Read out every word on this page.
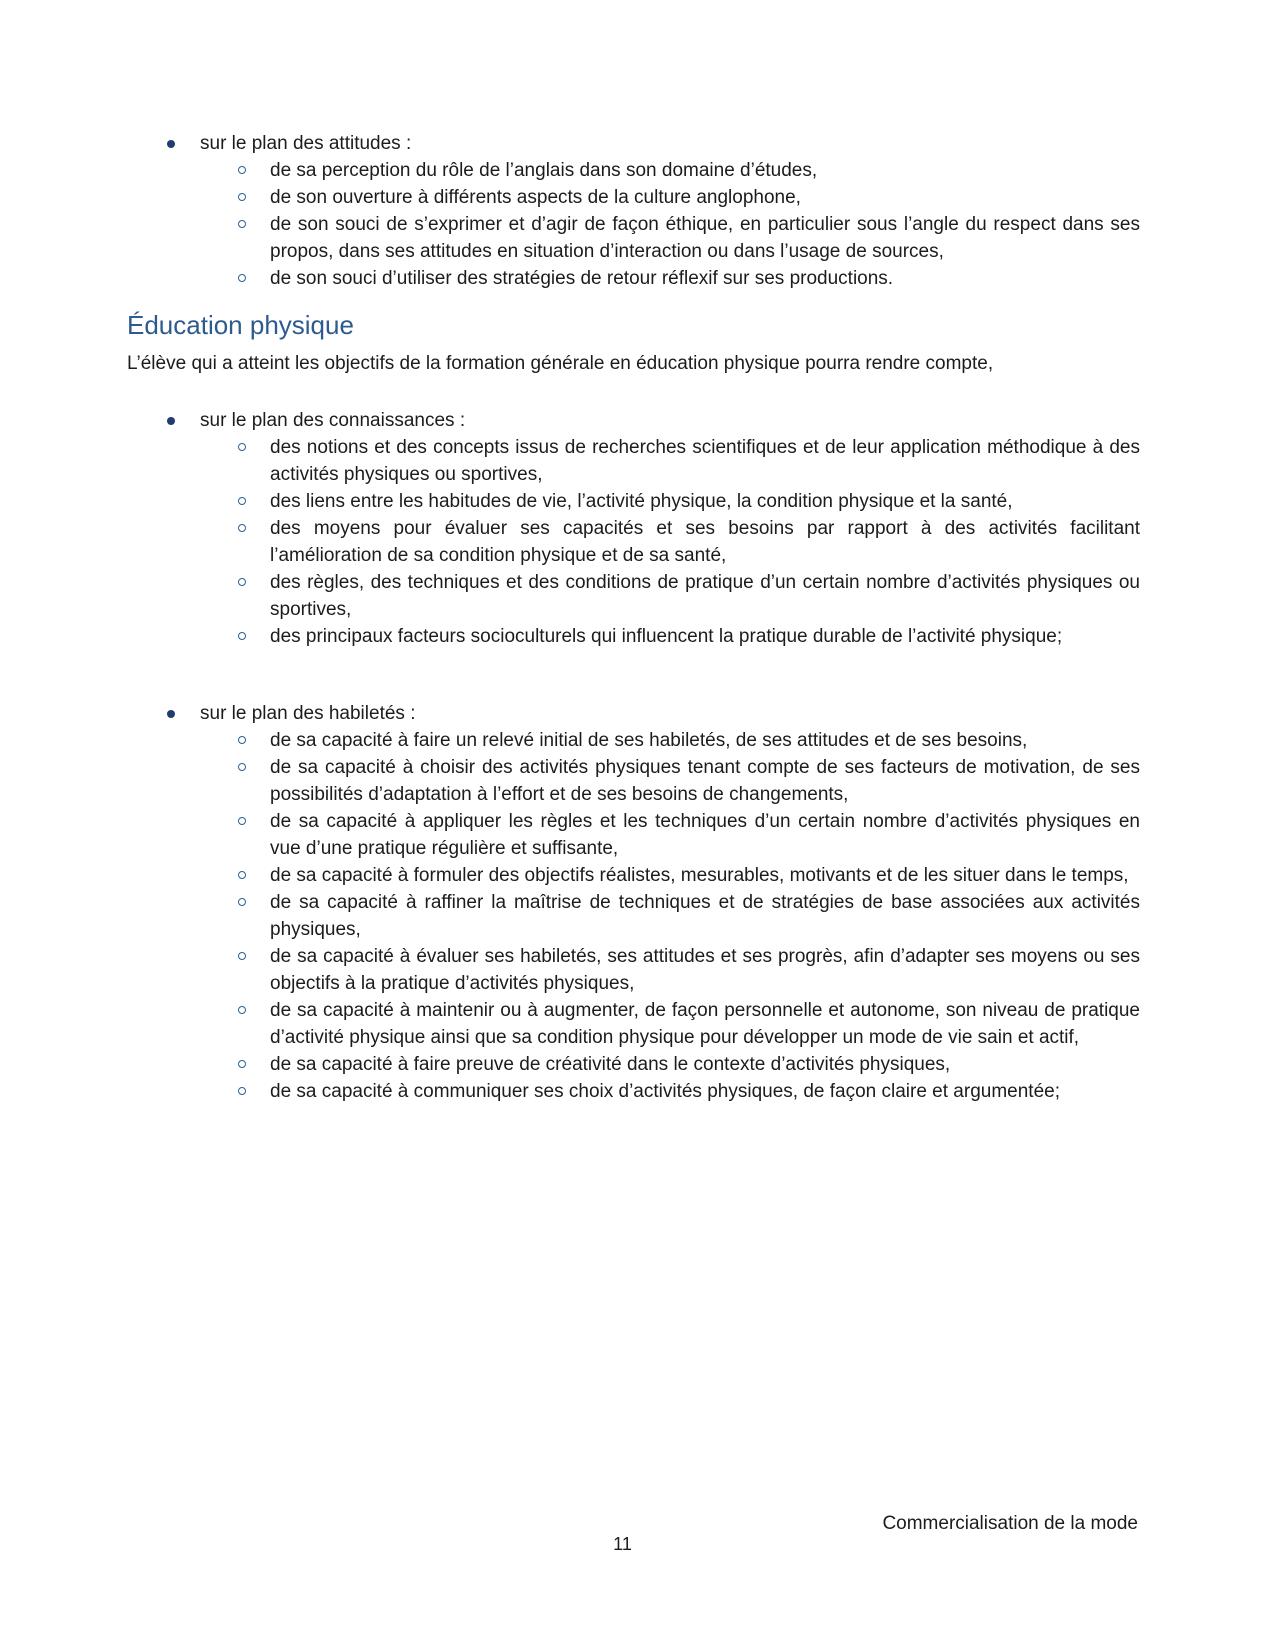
sur le plan des attitudes :
de sa perception du rôle de l’anglais dans son domaine d’études,
de son ouverture à différents aspects de la culture anglophone,
de son souci de s’exprimer et d’agir de façon éthique, en particulier sous l’angle du respect dans ses propos, dans ses attitudes en situation d’interaction ou dans l’usage de sources,
de son souci d’utiliser des stratégies de retour réflexif sur ses productions.
Éducation physique

L’élève qui a atteint les objectifs de la formation générale en éducation physique pourra rendre compte,

sur le plan des connaissances :
des notions et des concepts issus de recherches scientifiques et de leur application méthodique à des activités physiques ou sportives,
des liens entre les habitudes de vie, l’activité physique, la condition physique et la santé,
des moyens pour évaluer ses capacités et ses besoins par rapport à des activités facilitant l’amélioration de sa condition physique et de sa santé,
des règles, des techniques et des conditions de pratique d’un certain nombre d’activités physiques ou sportives,
des principaux facteurs socioculturels qui influencent la pratique durable de l’activité physique;
sur le plan des habiletés :
de sa capacité à faire un relevé initial de ses habiletés, de ses attitudes et de ses besoins,
de sa capacité à choisir des activités physiques tenant compte de ses facteurs de motivation, de ses possibilités d’adaptation à l’effort et de ses besoins de changements,
de sa capacité à appliquer les règles et les techniques d’un certain nombre d’activités physiques en vue d’une pratique régulière et suffisante,
de sa capacité à formuler des objectifs réalistes, mesurables, motivants et de les situer dans le temps,
de sa capacité à raffiner la maîtrise de techniques et de stratégies de base associées aux activités physiques,
de sa capacité à évaluer ses habiletés, ses attitudes et ses progrès, afin d’adapter ses moyens ou ses objectifs à la pratique d’activités physiques,
de sa capacité à maintenir ou à augmenter, de façon personnelle et autonome, son niveau de pratique d’activité physique ainsi que sa condition physique pour développer un mode de vie sain et actif,
de sa capacité à faire preuve de créativité dans le contexte d’activités physiques,
de sa capacité à communiquer ses choix d’activités physiques, de façon claire et argumentée;
Commercialisation de la mode
11
